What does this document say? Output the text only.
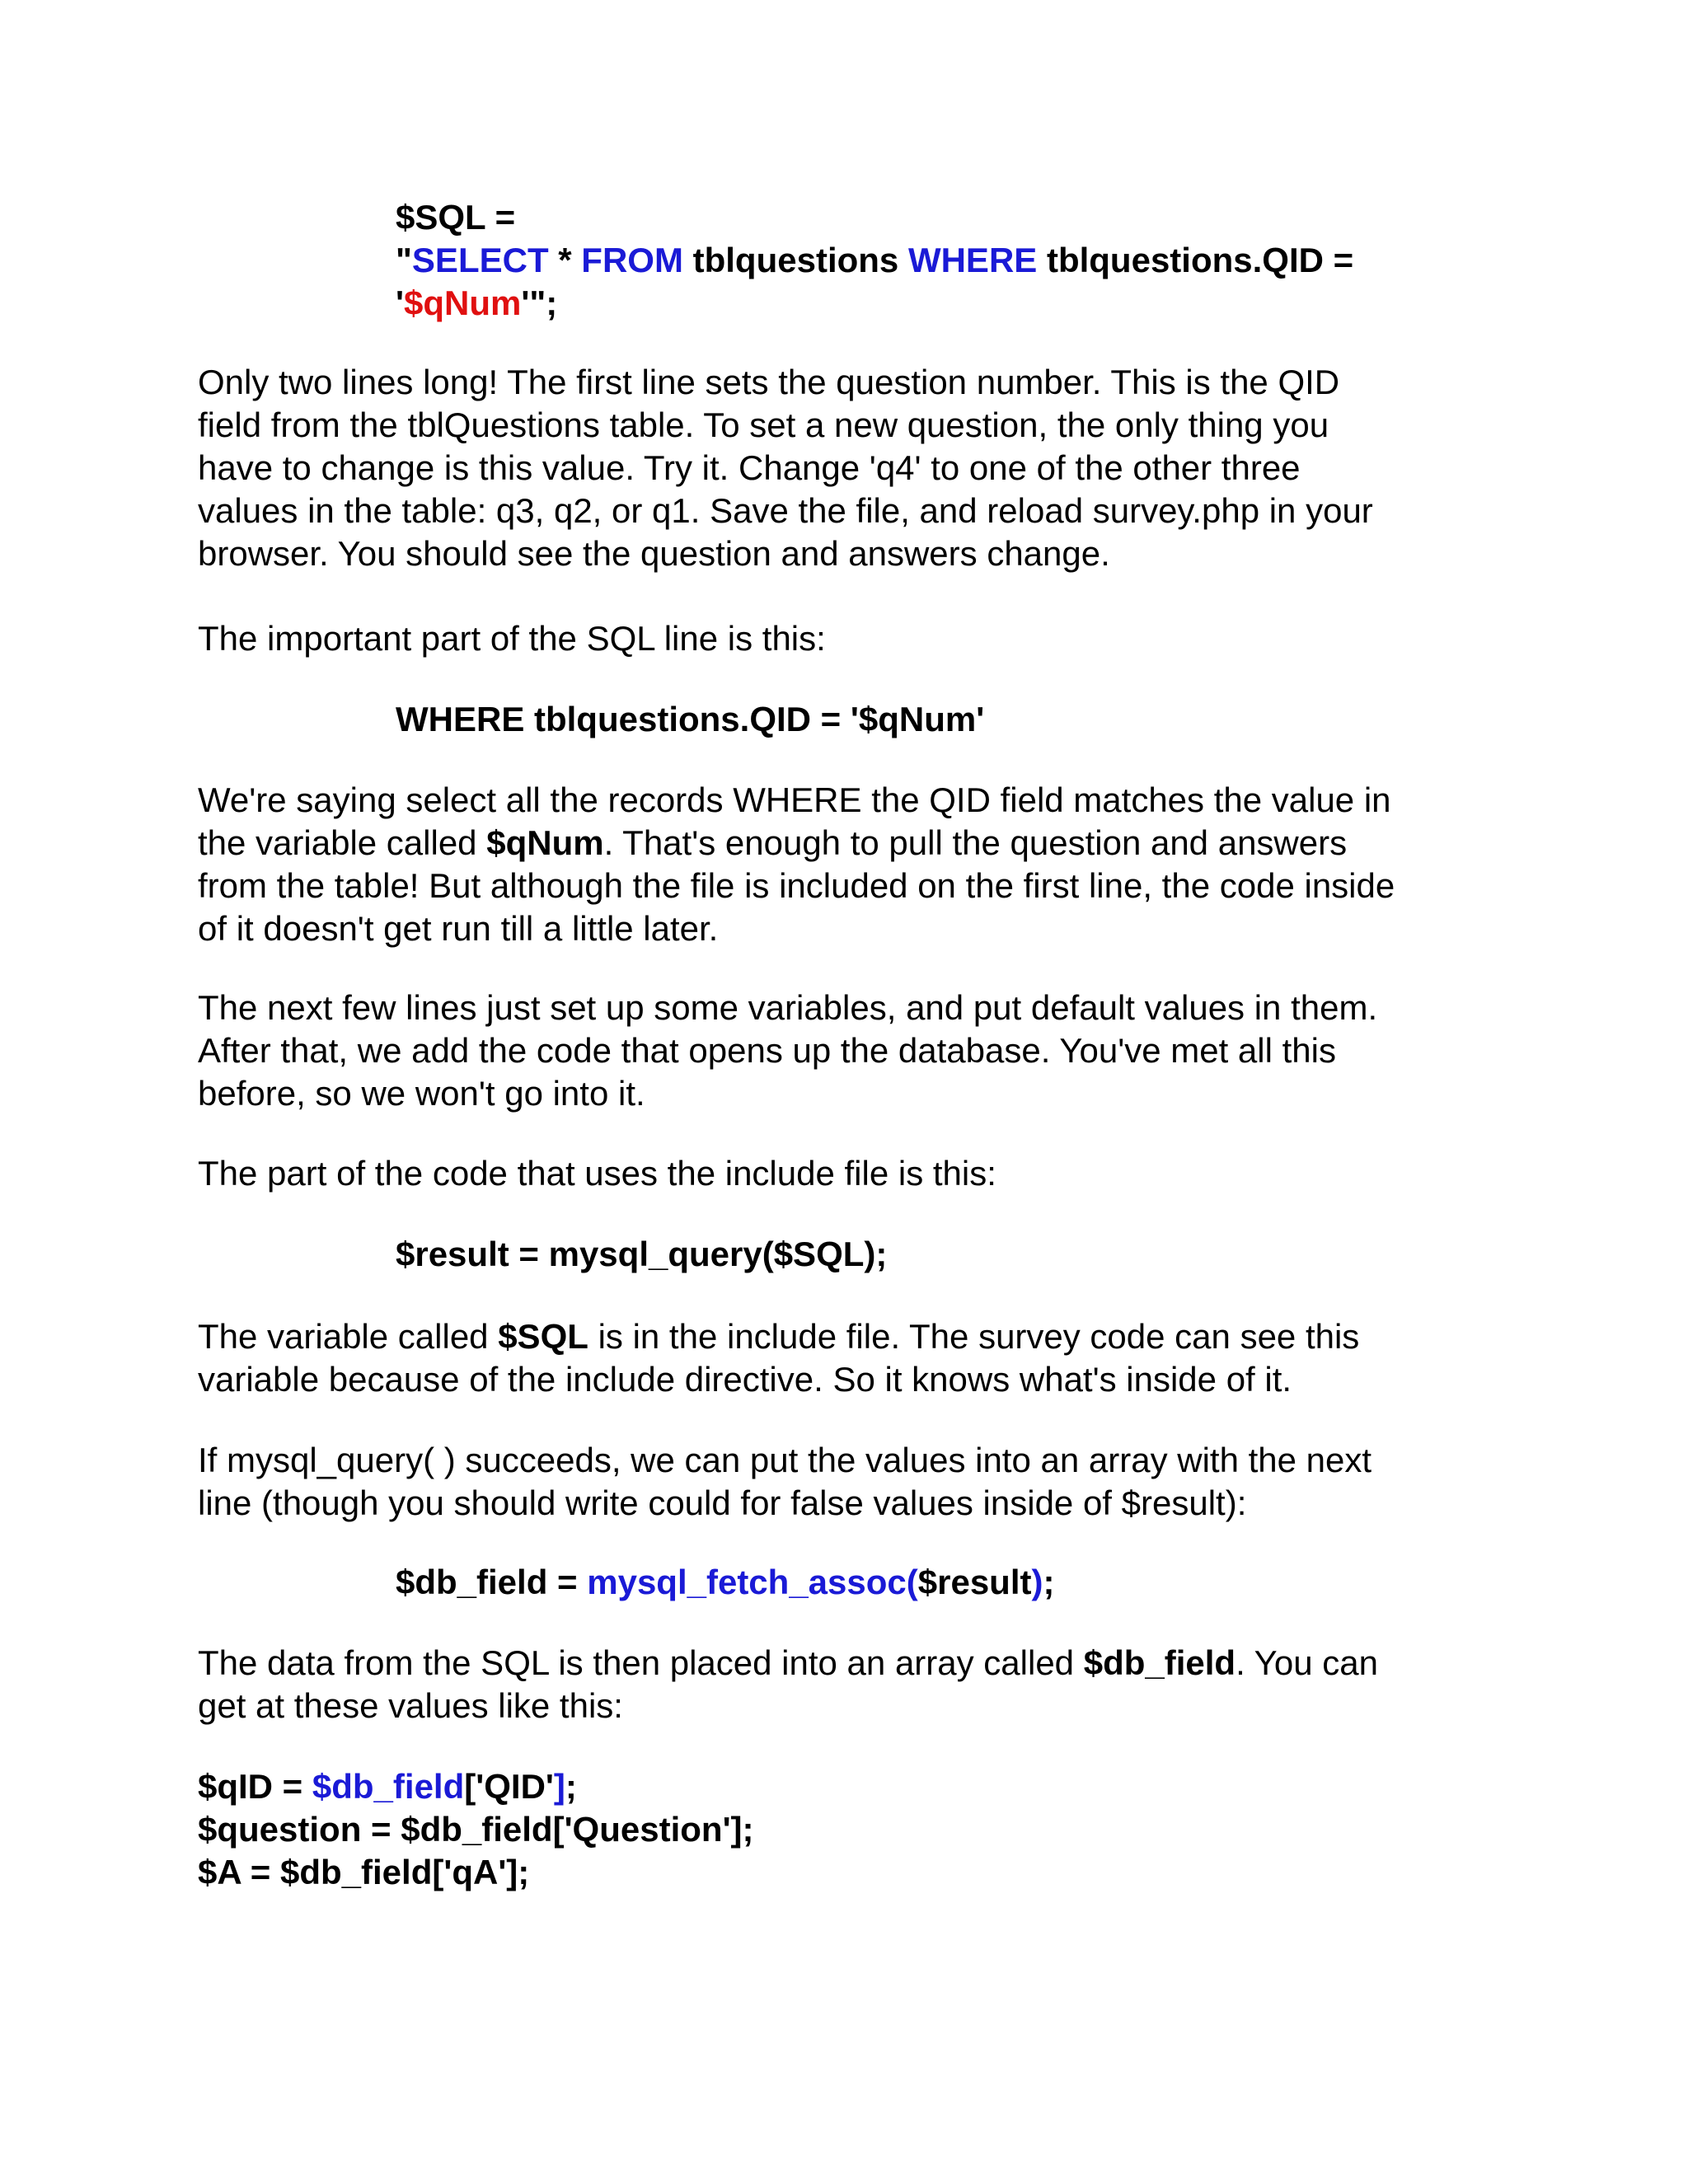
$SQL =
"SELECT * FROM tblquestions WHERE tblquestions.QID =
'$qNum'";
Only two lines long! The first line sets the question number. This is the QID
field from the tblQuestions table. To set a new question, the only thing you
have to change is this value. Try it. Change 'q4' to one of the other three
values in the table: q3, q2, or q1. Save the file, and reload survey.php in your
browser. You should see the question and answers change.
The important part of the SQL line is this:
WHERE tblquestions.QID = '$qNum'
We're saying select all the records WHERE the QID field matches the value in
the variable called $qNum. That's enough to pull the question and answers
from the table! But although the file is included on the first line, the code inside
of it doesn't get run till a little later.
The next few lines just set up some variables, and put default values in them.
After that, we add the code that opens up the database. You've met all this
before, so we won't go into it.
The part of the code that uses the include file is this:
$result = mysql_query($SQL);
The variable called $SQL is in the include file. The survey code can see this
variable because of the include directive. So it knows what's inside of it.
If mysql_query( ) succeeds, we can put the values into an array with the next
line (though you should write could for false values inside of $result):
$db_field = mysql_fetch_assoc($result);
The data from the SQL is then placed into an array called $db_field. You can
get at these values like this:
$qID = $db_field['QID'];
$question = $db_field['Question'];
$A = $db_field['qA'];
